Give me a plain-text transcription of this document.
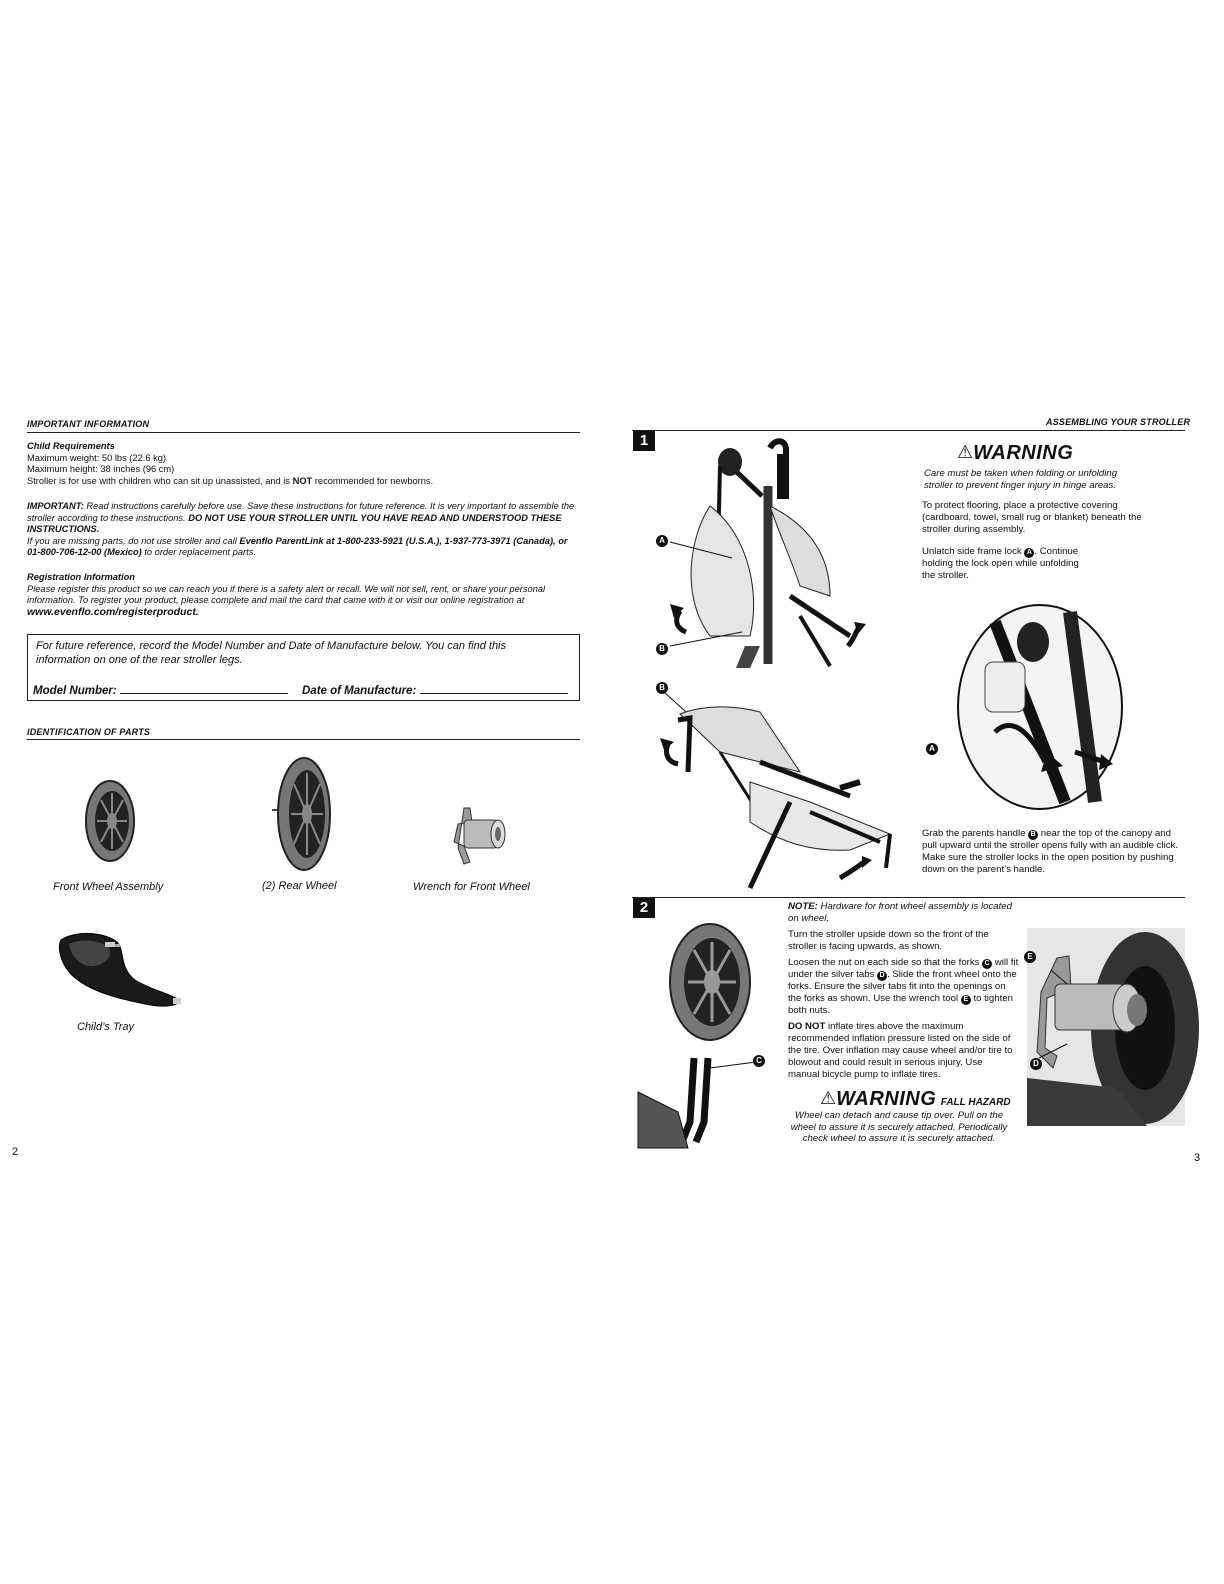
IMPORTANT INFORMATION

Child Requirements

Maximum weight: 50 lbs (22.6 kg)

Maximum height: 38 inches (96 cm)

Stroller is for use with children who can sit up unassisted, and is NOT recommended for newborns.

IMPORTANT: Read instructions carefully before use. Save these instructions for future reference. It is very important to assemble the stroller according to these instructions. DO NOT USE YOUR STROLLER UNTIL YOU HAVE READ AND UNDERSTOOD THESE INSTRUCTIONS.

If you are missing parts, do not use stroller and call Evenflo ParentLink at 1-800-233-5921 (U.S.A.), 1-937-773-3971 (Canada), or 01-800-706-12-00 (Mexico) to order replacement parts.

Registration Information

Please register this product so we can reach you if there is a safety alert or recall. We will not sell, rent, or share your personal information. To register your product, please complete and mail the card that came with it or visit our online registration at

www.evenflo.com/registerproduct.

For future reference, record the Model Number and Date of Manufacture below. You can find this information on one of the rear stroller legs.
Model Number:	Date of Manufacture:
IDENTIFICATION OF PARTS
Front Wheel Assembly	(2) Rear Wheel	Wrench for Front Wheel
Child’s Tray
2
ASSEMBLING YOUR STROLLER
1
A
B
⚠WARNING
Care must be taken when folding or unfolding stroller to prevent finger injury in hinge areas.
To protect flooring, place a protective covering (cardboard, towel, small rug or blanket) beneath the stroller during assembly.
Unlatch side frame lock A . Continue holding the lock open while unfolding the stroller.
B
A
Grab the parents handle B near the top of the canopy and pull upward until the stroller opens fully with an audible click. Make sure the stroller locks in the open position by pushing down on the parent’s handle.
2
C
NOTE: Hardware for front wheel assembly is located on wheel.
Turn the stroller upside down so the front of the stroller is facing upwards, as shown.
Loosen the nut on each side so that the forks C will fit under the silver tabs D . Slide the front wheel onto the forks. Ensure the silver tabs fit into the openings on the forks as shown. Use the wrench tool E to tighten both nuts.
DO NOT inflate tires above the maximum recommended inflation pressure listed on the side of the tire. Over inflation may cause wheel and/or tire to blowout and could result in serious injury. Use manual bicycle pump to inflate tires.
E
D
⚠WARNING FALL HAZARD
Wheel can detach and cause tip over. Pull on the wheel to assure it is securely attached. Periodically check wheel to assure it is securely attached.
3
